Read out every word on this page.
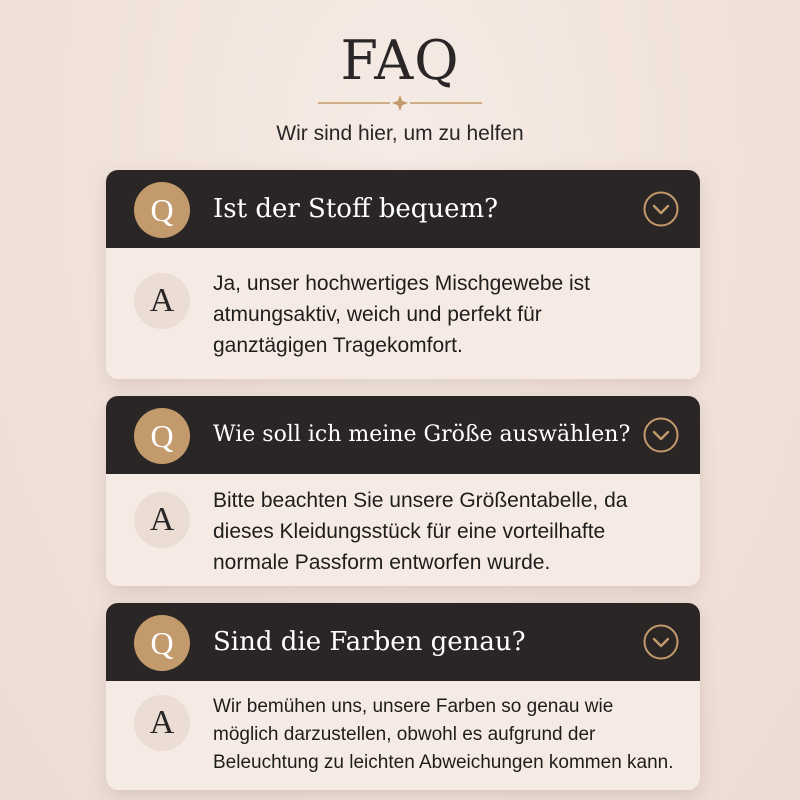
FAQ
Wir sind hier, um zu helfen
Q	Ist der Stoff bequem?
A	Ja, unser hochwertiges Mischgewebe ist
atmungsaktiv, weich und perfekt für
ganztägigen Tragekomfort.
Q	Wie soll ich meine Größe auswählen?
A
Bitte beachten Sie unsere Größentabelle, da
dieses Kleidungsstück für eine vorteilhafte
normale Passform entworfen wurde.
Q	Sind die Farben genau?
A	Wir bemühen uns, unsere Farben so genau wie
möglich darzustellen, obwohl es aufgrund der
Beleuchtung zu leichten Abweichungen kommen kann.
